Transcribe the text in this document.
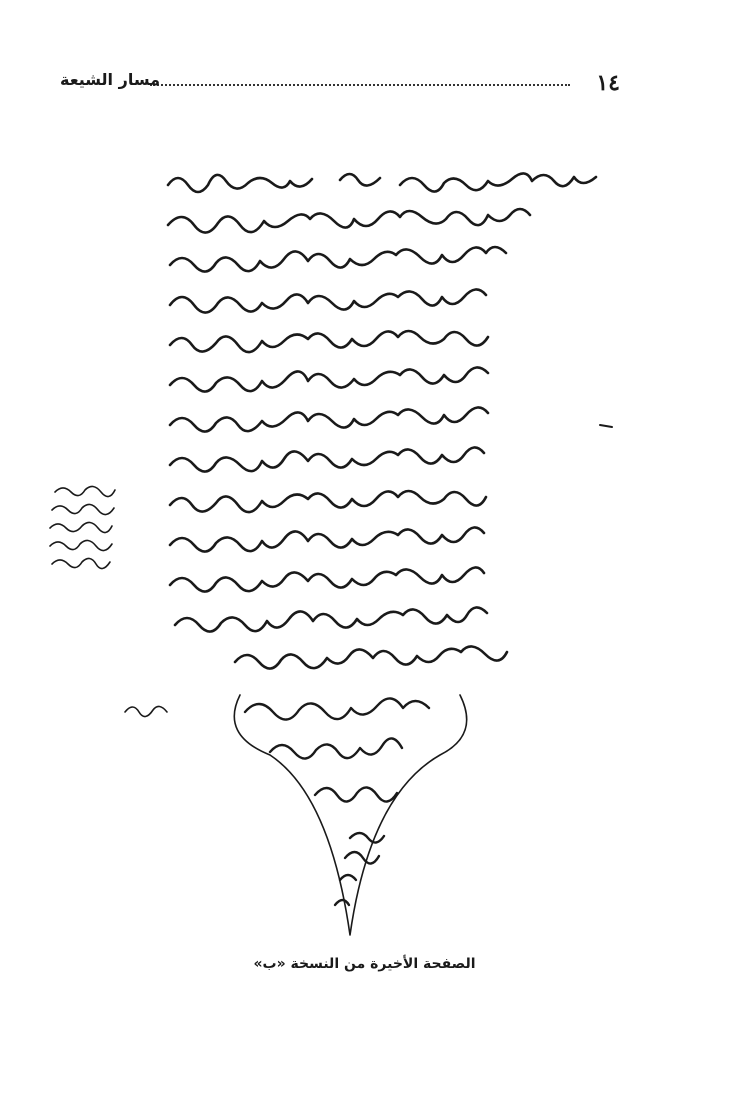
١٤
مسار الشيعة
الصفحة الأخيرة من النسخة «ب»
